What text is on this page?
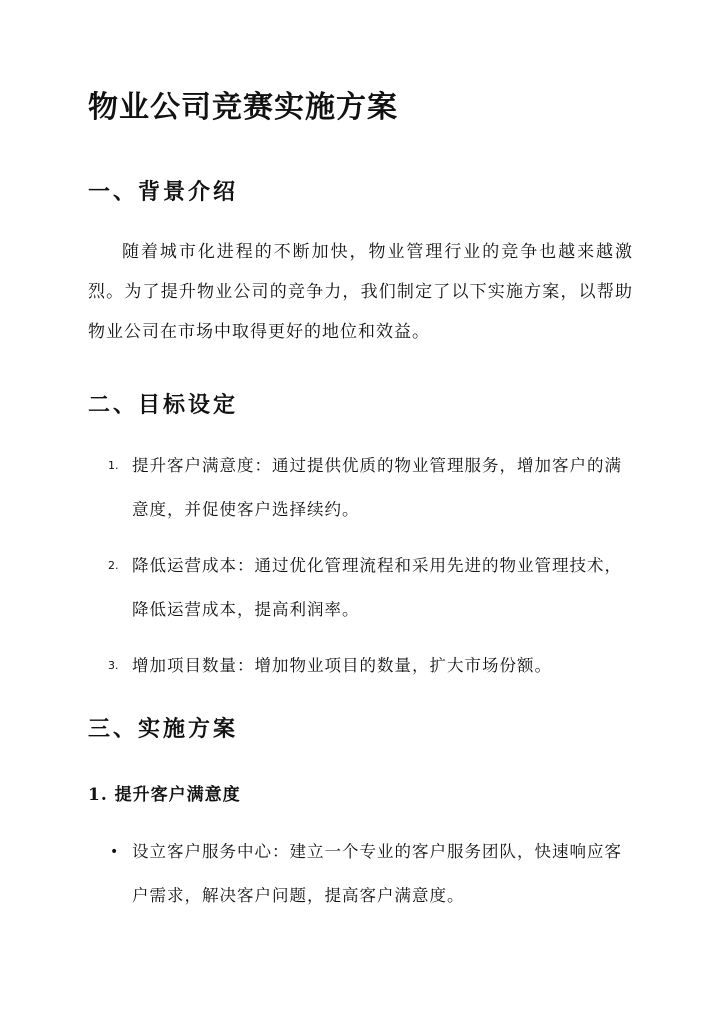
物业公司竞赛实施方案
一、背景介绍
随着城市化进程的不断加快，物业管理行业的竞争也越来越激烈。为了提升物业公司的竞争力，我们制定了以下实施方案，以帮助物业公司在市场中取得更好的地位和效益。
二、目标设定
1. 提升客户满意度：通过提供优质的物业管理服务，增加客户的满意度，并促使客户选择续约。
2. 降低运营成本：通过优化管理流程和采用先进的物业管理技术，降低运营成本，提高利润率。
3. 增加项目数量：增加物业项目的数量，扩大市场份额。
三、实施方案
1. 提升客户满意度
• 设立客户服务中心：建立一个专业的客户服务团队，快速响应客户需求，解决客户问题，提高客户满意度。
